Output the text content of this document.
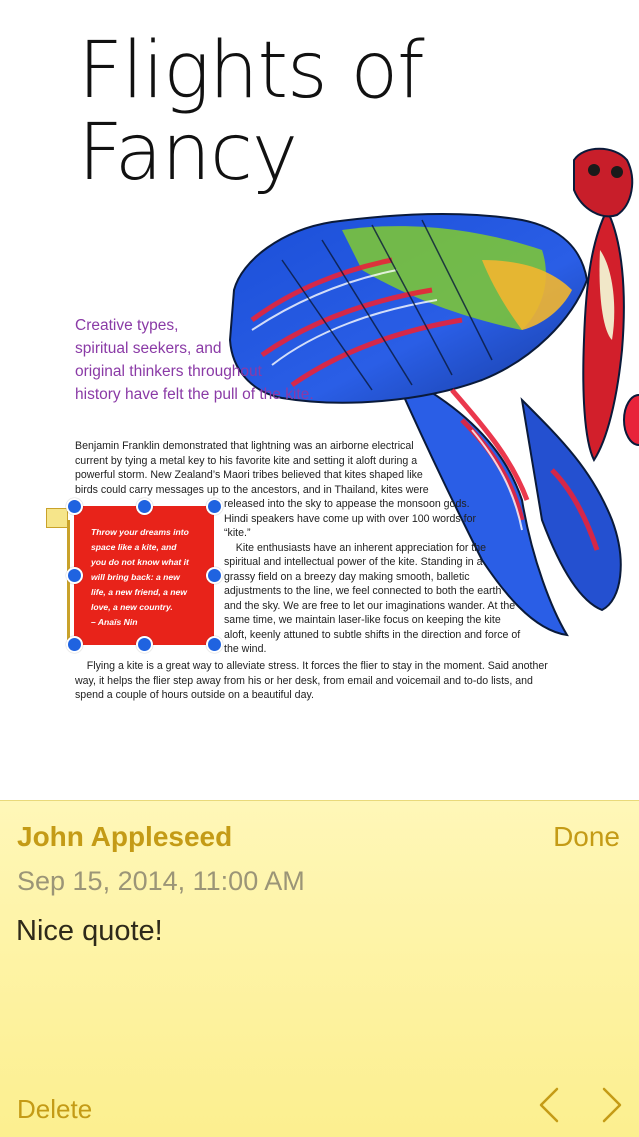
Flights of
Fancy
Creative types,
spiritual seekers, and
original thinkers throughout
history have felt the pull of the kite.
Benjamin Franklin demonstrated that lightning was an airborne electrical
current by tying a metal key to his favorite kite and setting it aloft during a
powerful storm. New Zealand’s Maori tribes believed that kites shaped like
birds could carry messages up to the ancestors, and in Thailand, kites were
released into the sky to appease the monsoon gods.
Hindi speakers have come up with over 100 words for
“kite.”
Kite enthusiasts have an inherent appreciation for the
spiritual and intellectual power of the kite. Standing in a
grassy field on a breezy day making smooth, balletic
adjustments to the line, we feel connected to both the earth
and the sky. We are free to let our imaginations wander. At the
same time, we maintain laser-like focus on keeping the kite
aloft, keenly attuned to subtle shifts in the direction and force of
the wind.
Flying a kite is a great way to alleviate stress. It forces the flier to stay in the moment. Said another
way, it helps the flier step away from his or her desk, from email and voicemail and to-do lists, and
spend a couple of hours outside on a beautiful day.
Throw your dreams into
space like a kite, and
you do not know what it
will bring back: a new
life, a new friend, a new
love, a new country.
– Anaïs Nin
John Appleseed	Done
Sep 15, 2014, 11:00 AM
Nice quote!
Delete
